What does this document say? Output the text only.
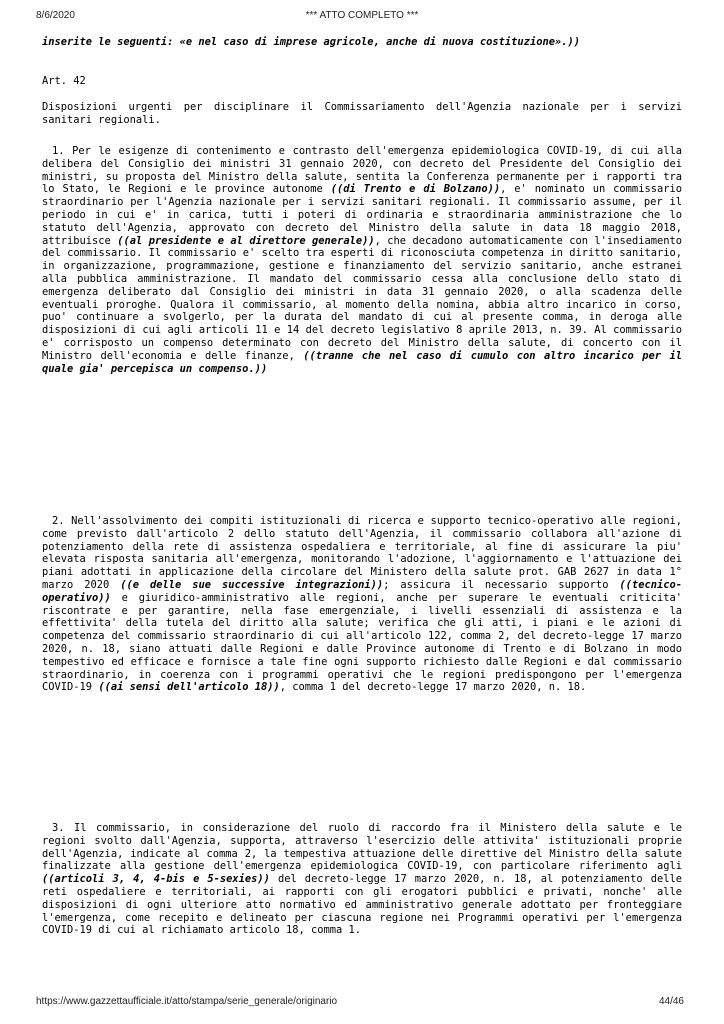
8/6/2020	*** ATTO COMPLETO ***
inserite le seguenti: «e nel caso di imprese agricole, anche di nuova costituzione».))
Art. 42
Disposizioni urgenti per disciplinare il Commissariamento dell'Agenzia nazionale per i servizi sanitari regionali.
1. Per le esigenze di contenimento e contrasto dell'emergenza epidemiologica COVID-19, di cui alla delibera del Consiglio dei ministri 31 gennaio 2020, con decreto del Presidente del Consiglio dei ministri, su proposta del Ministro della salute, sentita la Conferenza permanente per i rapporti tra lo Stato, le Regioni e le province autonome ((di Trento e di Bolzano)), e' nominato un commissario straordinario per l'Agenzia nazionale per i servizi sanitari regionali. Il commissario assume, per il periodo in cui e' in carica, tutti i poteri di ordinaria e straordinaria amministrazione che lo statuto dell'Agenzia, approvato con decreto del Ministro della salute in data 18 maggio 2018, attribuisce ((al presidente e al direttore generale)), che decadono automaticamente con l'insediamento del commissario. Il commissario e' scelto tra esperti di riconosciuta competenza in diritto sanitario, in organizzazione, programmazione, gestione e finanziamento del servizio sanitario, anche estranei alla pubblica amministrazione. Il mandato del commissario cessa alla conclusione dello stato di emergenza deliberato dal Consiglio dei ministri in data 31 gennaio 2020, o alla scadenza delle eventuali proroghe. Qualora il commissario, al momento della nomina, abbia altro incarico in corso, puo' continuare a svolgerlo, per la durata del mandato di cui al presente comma, in deroga alle disposizioni di cui agli articoli 11 e 14 del decreto legislativo 8 aprile 2013, n. 39. Al commissario e' corrisposto un compenso determinato con decreto del Ministro della salute, di concerto con il Ministro dell'economia e delle finanze, ((tranne che nel caso di cumulo con altro incarico per il quale gia' percepisca un compenso.))
2. Nell'assolvimento dei compiti istituzionali di ricerca e supporto tecnico-operativo alle regioni, come previsto dall'articolo 2 dello statuto dell'Agenzia, il commissario collabora all'azione di potenziamento della rete di assistenza ospedaliera e territoriale, al fine di assicurare la piu' elevata risposta sanitaria all'emergenza, monitorando l'adozione, l'aggiornamento e l'attuazione dei piani adottati in applicazione della circolare del Ministero della salute prot. GAB 2627 in data 1° marzo 2020 ((e delle sue successive integrazioni)); assicura il necessario supporto ((tecnico-operativo)) e giuridico-amministrativo alle regioni, anche per superare le eventuali criticita' riscontrate e per garantire, nella fase emergenziale, i livelli essenziali di assistenza e la effettivita' della tutela del diritto alla salute; verifica che gli atti, i piani e le azioni di competenza del commissario straordinario di cui all'articolo 122, comma 2, del decreto-legge 17 marzo 2020, n. 18, siano attuati dalle Regioni e dalle Province autonome di Trento e di Bolzano in modo tempestivo ed efficace e fornisce a tale fine ogni supporto richiesto dalle Regioni e dal commissario straordinario, in coerenza con i programmi operativi che le regioni predispongono per l'emergenza COVID-19 ((ai sensi dell'articolo 18)), comma 1 del decreto-legge 17 marzo 2020, n. 18.
3. Il commissario, in considerazione del ruolo di raccordo fra il Ministero della salute e le regioni svolto dall'Agenzia, supporta, attraverso l'esercizio delle attivita' istituzionali proprie dell'Agenzia, indicate al comma 2, la tempestiva attuazione delle direttive del Ministro della salute finalizzate alla gestione dell'emergenza epidemiologica COVID-19, con particolare riferimento agli ((articoli 3, 4, 4-bis e 5-sexies)) del decreto-legge 17 marzo 2020, n. 18, al potenziamento delle reti ospedaliere e territoriali, ai rapporti con gli erogatori pubblici e privati, nonche' alle disposizioni di ogni ulteriore atto normativo ed amministrativo generale adottato per fronteggiare l'emergenza, come recepito e delineato per ciascuna regione nei Programmi operativi per l'emergenza COVID-19 di cui al richiamato articolo 18, comma 1.
https://www.gazzettaufficiale.it/atto/stampa/serie_generale/originario	44/46
